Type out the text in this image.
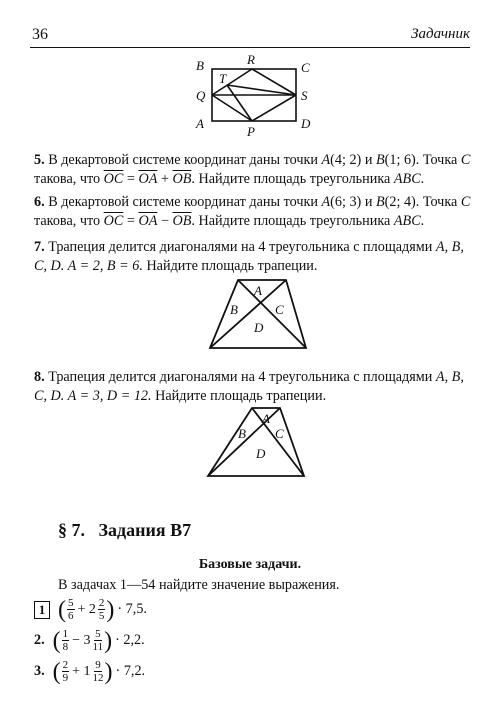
36	Задачник
B	R
C
T
Q	S
A
P
D
5. В декартовой системе координат даны точки A(4; 2) и B(1; 6). Точка C
такова, что $\overline{OC} = \overline{OA} + \overline{OB}$. Найдите площадь треугольника ABC.
6. В декартовой системе координат даны точки A(6; 3) и B(2; 4). Точка C
такова, что $\overline{OC} = \overline{OA} - \overline{OB}$. Найдите площадь треугольника ABC.
7. Трапеция делится диагоналями на 4 треугольника с площадями A, B,
C, D. A = 2, B = 6. Найдите площадь трапеции.
A
B	C
D
8. Трапеция делится диагоналями на 4 треугольника с площадями A, B,
C, D. A = 3, D = 12. Найдите площадь трапеции.
A
B C
D
§ 7.   Задания B7
Базовые задачи.
В задачах 1—54 найдите значение выражения.
1 ( $\frac{5}{6} + 2 \frac{2}{5}$ ) · 7,5.
2. ( $\frac{1}{8} - 3 \frac{5}{11}$ ) · 2,2.
3. ( $\frac{2}{9} + 1 \frac{9}{12}$ ) · 7,2.
